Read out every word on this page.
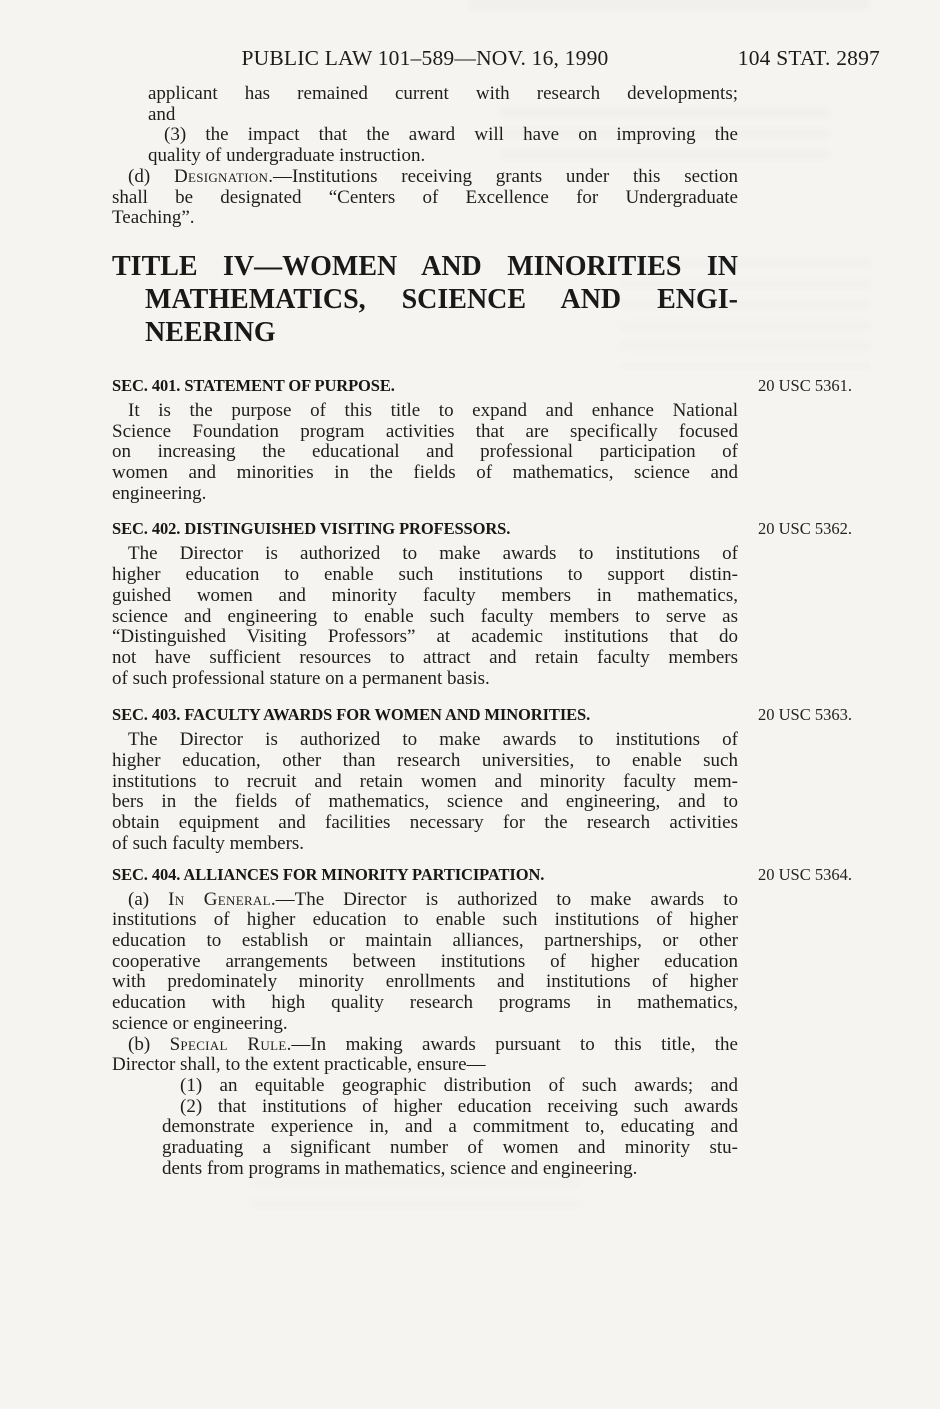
PUBLIC LAW 101–589—NOV. 16, 1990	104 STAT. 2897
applicant has remained current with research developments;
and
(3) the impact that the award will have on improving the
quality of undergraduate instruction.
(d) Designation.—Institutions receiving grants under this section
shall be designated “Centers of Excellence for Undergraduate
Teaching”.
TITLE IV—WOMEN AND MINORITIES IN
MATHEMATICS, SCIENCE AND ENGI-
NEERING
SEC. 401. STATEMENT OF PURPOSE.	20 USC 5361.
It is the purpose of this title to expand and enhance National
Science Foundation program activities that are specifically focused
on increasing the educational and professional participation of
women and minorities in the fields of mathematics, science and
engineering.
SEC. 402. DISTINGUISHED VISITING PROFESSORS.	20 USC 5362.
The Director is authorized to make awards to institutions of
higher education to enable such institutions to support distin-
guished women and minority faculty members in mathematics,
science and engineering to enable such faculty members to serve as
“Distinguished Visiting Professors” at academic institutions that do
not have sufficient resources to attract and retain faculty members
of such professional stature on a permanent basis.
SEC. 403. FACULTY AWARDS FOR WOMEN AND MINORITIES.	20 USC 5363.
The Director is authorized to make awards to institutions of
higher education, other than research universities, to enable such
institutions to recruit and retain women and minority faculty mem-
bers in the fields of mathematics, science and engineering, and to
obtain equipment and facilities necessary for the research activities
of such faculty members.
SEC. 404. ALLIANCES FOR MINORITY PARTICIPATION.	20 USC 5364.
(a) In General.—The Director is authorized to make awards to
institutions of higher education to enable such institutions of higher
education to establish or maintain alliances, partnerships, or other
cooperative arrangements between institutions of higher education
with predominately minority enrollments and institutions of higher
education with high quality research programs in mathematics,
science or engineering.
(b) Special Rule.—In making awards pursuant to this title, the
Director shall, to the extent practicable, ensure—
(1) an equitable geographic distribution of such awards; and
(2) that institutions of higher education receiving such awards
demonstrate experience in, and a commitment to, educating and
graduating a significant number of women and minority stu-
dents from programs in mathematics, science and engineering.
